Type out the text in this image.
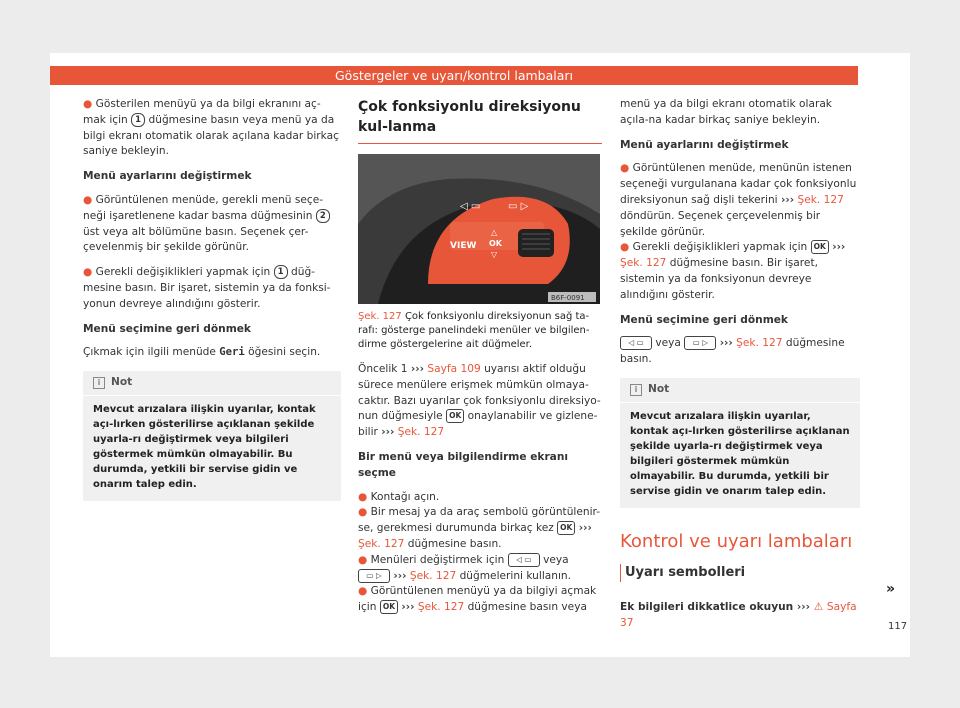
Göstergeler ve uyarı/kontrol lambaları

● Gösterilen menüyü ya da bilgi ekranını aç-mak için 1 düğmesine basın veya menü ya da bilgi ekranı otomatik olarak açılana kadar birkaç saniye bekleyin.

Menü ayarlarını değiştirmek

● Görüntülenen menüde, gerekli menü seçe-neği işaretlenene kadar basma düğmesinin 2 üst veya alt bölümüne basın. Seçenek çer-çevelenmiş bir şekilde görünür.

● Gerekli değişiklikleri yapmak için 1 düğ-mesine basın. Bir işaret, sistemin ya da fonksi-yonun devreye alındığını gösterir.

Menü seçimine geri dönmek

Çıkmak için ilgili menüde Geri öğesini seçin.

i Not
Mevcut arızalara ilişkin uyarılar, kontak açı-lırken gösterilirse açıklanan şekilde uyarla-rı değiştirmek veya bilgileri göstermek mümkün olmayabilir. Bu durumda, yetkili bir servise gidin ve onarım talep edin.
Çok fonksiyonlu direksiyonu kul-lanma
◁ ▭	▭ ▷
VIEW
△
OK
▽
B6F-0091

Şek. 127 Çok fonksiyonlu direksiyonun sağ ta-rafı: gösterge panelindeki menüler ve bilgilen-dirme göstergelerine ait düğmeler.

Öncelik 1 ››› Sayfa 109 uyarısı aktif olduğu sürece menülere erişmek mümkün olmaya-caktır. Bazı uyarılar çok fonksiyonlu direksiyo-nun düğmesiyle OK onaylanabilir ve gizlene-bilir ››› Şek. 127

Bir menü veya bilgilendirme ekranı seçme

● Kontağı açın.

● Bir mesaj ya da araç sembolü görüntülenir-se, gerekmesi durumunda birkaç kez OK ››› Şek. 127 düğmesine basın.

● Menüleri değiştirmek için ◁ ▭ veya ▭ ▷ ››› Şek. 127 düğmelerini kullanın.

● Görüntülenen menüyü ya da bilgiyi açmak için OK ››› Şek. 127 düğmesine basın veya

menü ya da bilgi ekranı otomatik olarak açıla-na kadar birkaç saniye bekleyin.

Menü ayarlarını değiştirmek

● Görüntülenen menüde, menünün istenen seçeneği vurgulanana kadar çok fonksiyonlu direksiyonun sağ dişli tekerini ››› Şek. 127 döndürün. Seçenek çerçevelenmiş bir şekilde görünür.

● Gerekli değişiklikleri yapmak için OK ››› Şek. 127 düğmesine basın. Bir işaret, sistemin ya da fonksiyonun devreye alındığını gösterir.

Menü seçimine geri dönmek

◁ ▭ veya ▭ ▷ ››› Şek. 127 düğmesine basın.

i Not
Mevcut arızalara ilişkin uyarılar, kontak açı-lırken gösterilirse açıklanan şekilde uyarla-rı değiştirmek veya bilgileri göstermek mümkün olmayabilir. Bu durumda, yetkili bir servise gidin ve onarım talep edin.
Kontrol ve uyarı lambaları
Uyarı sembolleri

Ek bilgileri dikkatlice okuyun ››› ⚠ Sayfa 37

»
117
